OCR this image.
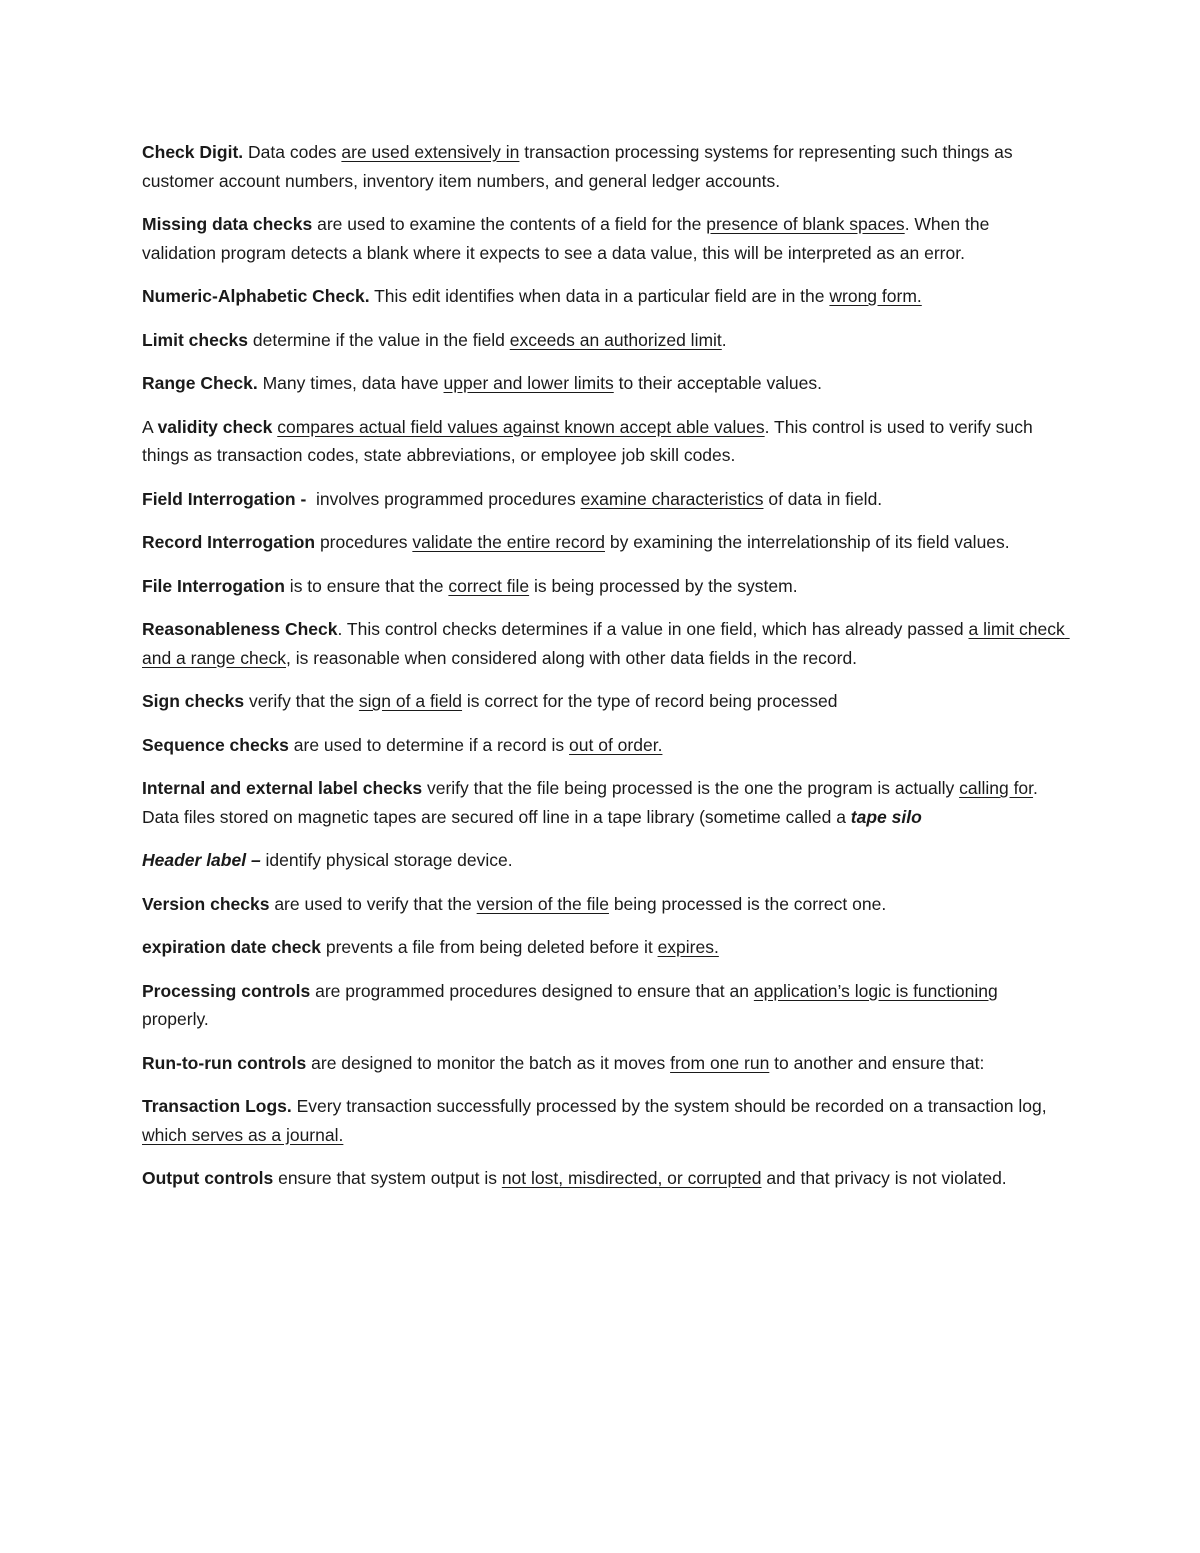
Check Digit. Data codes are used extensively in transaction processing systems for representing such things as customer account numbers, inventory item numbers, and general ledger accounts.

Missing data checks are used to examine the contents of a field for the presence of blank spaces. When the validation program detects a blank where it expects to see a data value, this will be interpreted as an error.

Numeric-Alphabetic Check. This edit identifies when data in a particular field are in the wrong form.

Limit checks determine if the value in the field exceeds an authorized limit.

Range Check. Many times, data have upper and lower limits to their acceptable values.

A validity check compares actual field values against known accept able values. This control is used to verify such things as transaction codes, state abbreviations, or employee job skill codes.

Field Interrogation -  involves programmed procedures examine characteristics of data in field.

Record Interrogation procedures validate the entire record by examining the interrelationship of its field values.

File Interrogation is to ensure that the correct file is being processed by the system.

Reasonableness Check. This control checks determines if a value in one field, which has already passed a limit check and a range check, is reasonable when considered along with other data fields in the record.

Sign checks verify that the sign of a field is correct for the type of record being processed

Sequence checks are used to determine if a record is out of order.

Internal and external label checks verify that the file being processed is the one the program is actually calling for. Data files stored on magnetic tapes are secured off line in a tape library (sometime called a tape silo

Header label – identify physical storage device.

Version checks are used to verify that the version of the file being processed is the correct one.

expiration date check prevents a file from being deleted before it expires.

Processing controls are programmed procedures designed to ensure that an application’s logic is functioning properly.

Run-to-run controls are designed to monitor the batch as it moves from one run to another and ensure that:

Transaction Logs. Every transaction successfully processed by the system should be recorded on a transaction log, which serves as a journal.

Output controls ensure that system output is not lost, misdirected, or corrupted and that privacy is not violated.
